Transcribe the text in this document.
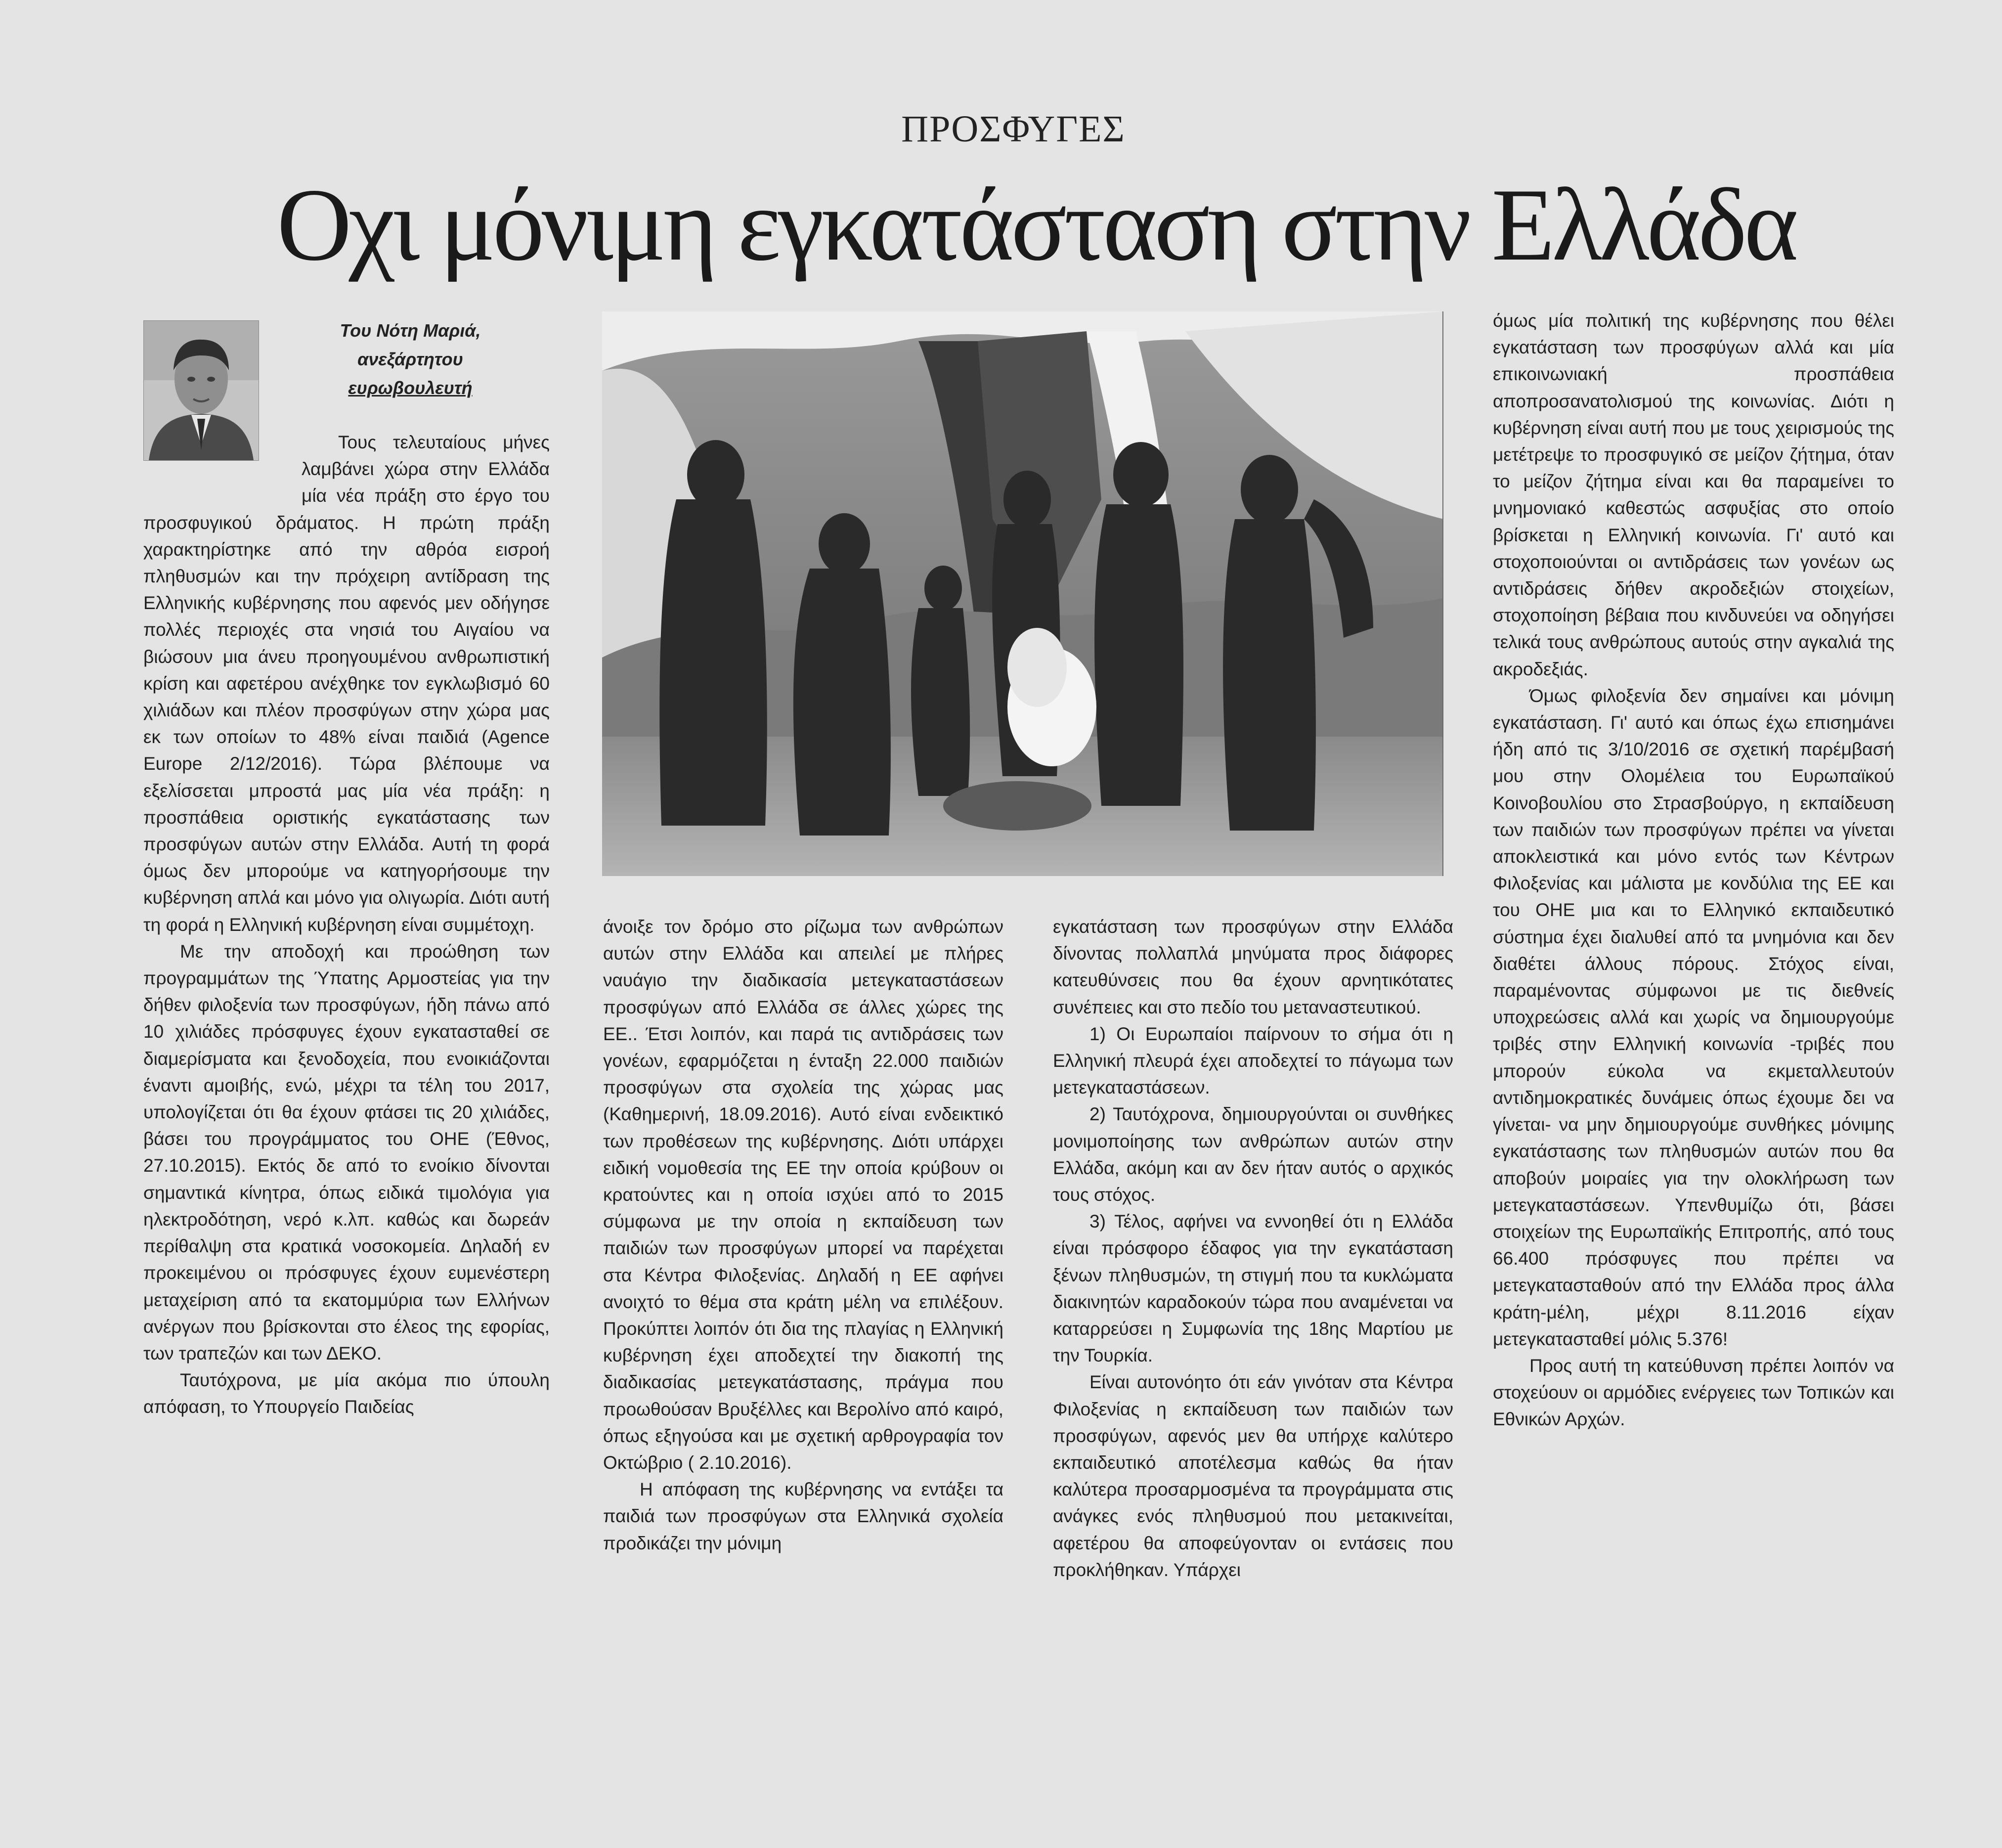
ΠΡΟΣΦΥΓΕΣ
Οχι μόνιμη εγκατάσταση στην Ελλάδα
Του Νότη Μαριά,
ανεξάρτητου
ευρωβουλευτή

Τους τελευταίους μήνες λαμβάνει χώρα στην Ελλάδα μία νέα πράξη στο έργο του προσφυγικού δράματος. Η πρώτη πράξη χαρακτηρίστηκε από την αθρόα εισροή πληθυσμών και την πρόχειρη αντίδραση της Ελληνικής κυβέρνησης που αφενός μεν οδήγησε πολλές περιοχές στα νησιά του Αιγαίου να βιώσουν μια άνευ προηγουμένου ανθρωπιστική κρίση και αφετέρου ανέχθηκε τον εγκλωβισμό 60 χιλιάδων και πλέον προσφύγων στην χώρα μας εκ των οποίων το 48% είναι παιδιά (Agence Europe 2/12/2016). Τώρα βλέπουμε να εξελίσσεται μπροστά μας μία νέα πράξη: η προσπάθεια οριστικής εγκατάστασης των προσφύγων αυτών στην Ελλάδα. Αυτή τη φορά όμως δεν μπορούμε να κατηγορήσουμε την κυβέρνηση απλά και μόνο για ολιγωρία. Διότι αυτή τη φορά η Ελληνική κυβέρνηση είναι συμμέτοχη.

Με την αποδοχή και προώθηση των προγραμμάτων της Ύπατης Αρμοστείας για την δήθεν φιλοξενία των προσφύγων, ήδη πάνω από 10 χιλιάδες πρόσφυγες έχουν εγκατασταθεί σε διαμερίσματα και ξενοδοχεία, που ενοικιάζονται έναντι αμοιβής, ενώ, μέχρι τα τέλη του 2017, υπολογίζεται ότι θα έχουν φτάσει τις 20 χιλιάδες, βάσει του προγράμματος του ΟΗΕ (Έθνος, 27.10.2015). Εκτός δε από το ενοίκιο δίνονται σημαντικά κίνητρα, όπως ειδικά τιμολόγια για ηλεκτροδότηση, νερό κ.λπ. καθώς και δωρεάν περίθαλψη στα κρατικά νοσοκομεία. Δηλαδή εν προκειμένου οι πρόσφυγες έχουν ευμενέστερη μεταχείριση από τα εκατομμύρια των Ελλήνων ανέργων που βρίσκονται στο έλεος της εφορίας, των τραπεζών και των ΔΕΚΟ.

Ταυτόχρονα, με μία ακόμα πιο ύπουλη απόφαση, το Υπουργείο Παιδείας

άνοιξε τον δρόμο στο ρίζωμα των ανθρώπων αυτών στην Ελλάδα και απειλεί με πλήρες ναυάγιο την διαδικασία μετεγκαταστάσεων προσφύγων από Ελλάδα σε άλλες χώρες της ΕΕ.. Έτσι λοιπόν, και παρά τις αντιδράσεις των γονέων, εφαρμόζεται η ένταξη 22.000 παιδιών προσφύγων στα σχολεία της χώρας μας (Καθημερινή, 18.09.2016). Αυτό είναι ενδεικτικό των προθέσεων της κυβέρνησης. Διότι υπάρχει ειδική νομοθεσία της ΕΕ την οποία κρύβουν οι κρατούντες και η οποία ισχύει από το 2015 σύμφωνα με την οποία η εκπαίδευση των παιδιών των προσφύγων μπορεί να παρέχεται στα Κέντρα Φιλοξενίας. Δηλαδή η ΕΕ αφήνει ανοιχτό το θέμα στα κράτη μέλη να επιλέξουν. Προκύπτει λοιπόν ότι δια της πλαγίας η Ελληνική κυβέρνηση έχει αποδεχτεί την διακοπή της διαδικασίας μετεγκατάστασης, πράγμα που προωθούσαν Βρυξέλλες και Βερολίνο από καιρό, όπως εξηγούσα και με σχετική αρθρογραφία τον Οκτώβριο ( 2.10.2016).

Η απόφαση της κυβέρνησης να εντάξει τα παιδιά των προσφύγων στα Ελληνικά σχολεία προδικάζει την μόνιμη

εγκατάσταση των προσφύγων στην Ελλάδα δίνοντας πολλαπλά μηνύματα προς διάφορες κατευθύνσεις που θα έχουν αρνητικότατες συνέπειες και στο πεδίο του μεταναστευτικού.

1) Οι Ευρωπαίοι παίρνουν το σήμα ότι η Ελληνική πλευρά έχει αποδεχτεί το πάγωμα των μετεγκαταστάσεων.

2) Ταυτόχρονα, δημιουργούνται οι συνθήκες μονιμοποίησης των ανθρώπων αυτών στην Ελλάδα, ακόμη και αν δεν ήταν αυτός ο αρχικός τους στόχος.

3) Τέλος, αφήνει να εννοηθεί ότι η Ελλάδα είναι πρόσφορο έδαφος για την εγκατάσταση ξένων πληθυσμών, τη στιγμή που τα κυκλώματα διακινητών καραδοκούν τώρα που αναμένεται να καταρρεύσει η Συμφωνία της 18ης Μαρτίου με την Τουρκία.

Είναι αυτονόητο ότι εάν γινόταν στα Κέντρα Φιλοξενίας η εκπαίδευση των παιδιών των προσφύγων, αφενός μεν θα υπήρχε καλύτερο εκπαιδευτικό αποτέλεσμα καθώς θα ήταν καλύτερα προσαρμοσμένα τα προγράμματα στις ανάγκες ενός πληθυσμού που μετακινείται, αφετέρου θα αποφεύγονταν οι εντάσεις που προκλήθηκαν. Υπάρχει

όμως μία πολιτική της κυβέρνησης που θέλει εγκατάσταση των προσφύγων αλλά και μία επικοινωνιακή προσπάθεια αποπροσανατολισμού της κοινωνίας. Διότι η κυβέρνηση είναι αυτή που με τους χειρισμούς της μετέτρεψε το προσφυγικό σε μείζον ζήτημα, όταν το μείζον ζήτημα είναι και θα παραμείνει το μνημονιακό καθεστώς ασφυξίας στο οποίο βρίσκεται η Ελληνική κοινωνία. Γι' αυτό και στοχοποιούνται οι αντιδράσεις των γονέων ως αντιδράσεις δήθεν ακροδεξιών στοιχείων, στοχοποίηση βέβαια που κινδυνεύει να οδηγήσει τελικά τους ανθρώπους αυτούς στην αγκαλιά της ακροδεξιάς.

Όμως φιλοξενία δεν σημαίνει και μόνιμη εγκατάσταση. Γι' αυτό και όπως έχω επισημάνει ήδη από τις 3/10/2016 σε σχετική παρέμβασή μου στην Ολομέλεια του Ευρωπαϊκού Κοινοβουλίου στο Στρασβούργο, η εκπαίδευση των παιδιών των προσφύγων πρέπει να γίνεται αποκλειστικά και μόνο εντός των Κέντρων Φιλοξενίας και μάλιστα με κονδύλια της ΕΕ και του ΟΗΕ μια και το Ελληνικό εκπαιδευτικό σύστημα έχει διαλυθεί από τα μνημόνια και δεν διαθέτει άλλους πόρους. Στόχος είναι, παραμένοντας σύμφωνοι με τις διεθνείς υποχρεώσεις αλλά και χωρίς να δημιουργούμε τριβές στην Ελληνική κοινωνία -τριβές που μπορούν εύκολα να εκμεταλλευτούν αντιδημοκρατικές δυνάμεις όπως έχουμε δει να γίνεται- να μην δημιουργούμε συνθήκες μόνιμης εγκατάστασης των πληθυσμών αυτών που θα αποβούν μοιραίες για την ολοκλήρωση των μετεγκαταστάσεων. Υπενθυμίζω ότι, βάσει στοιχείων της Ευρωπαϊκής Επιτροπής, από τους 66.400 πρόσφυγες που πρέπει να μετεγκατασταθούν από την Ελλάδα προς άλλα κράτη-μέλη, μέχρι 8.11.2016 είχαν μετεγκατασταθεί μόλις 5.376!

Προς αυτή τη κατεύθυνση πρέπει λοιπόν να στοχεύουν οι αρμόδιες ενέργειες των Τοπικών και Εθνικών Αρχών.
